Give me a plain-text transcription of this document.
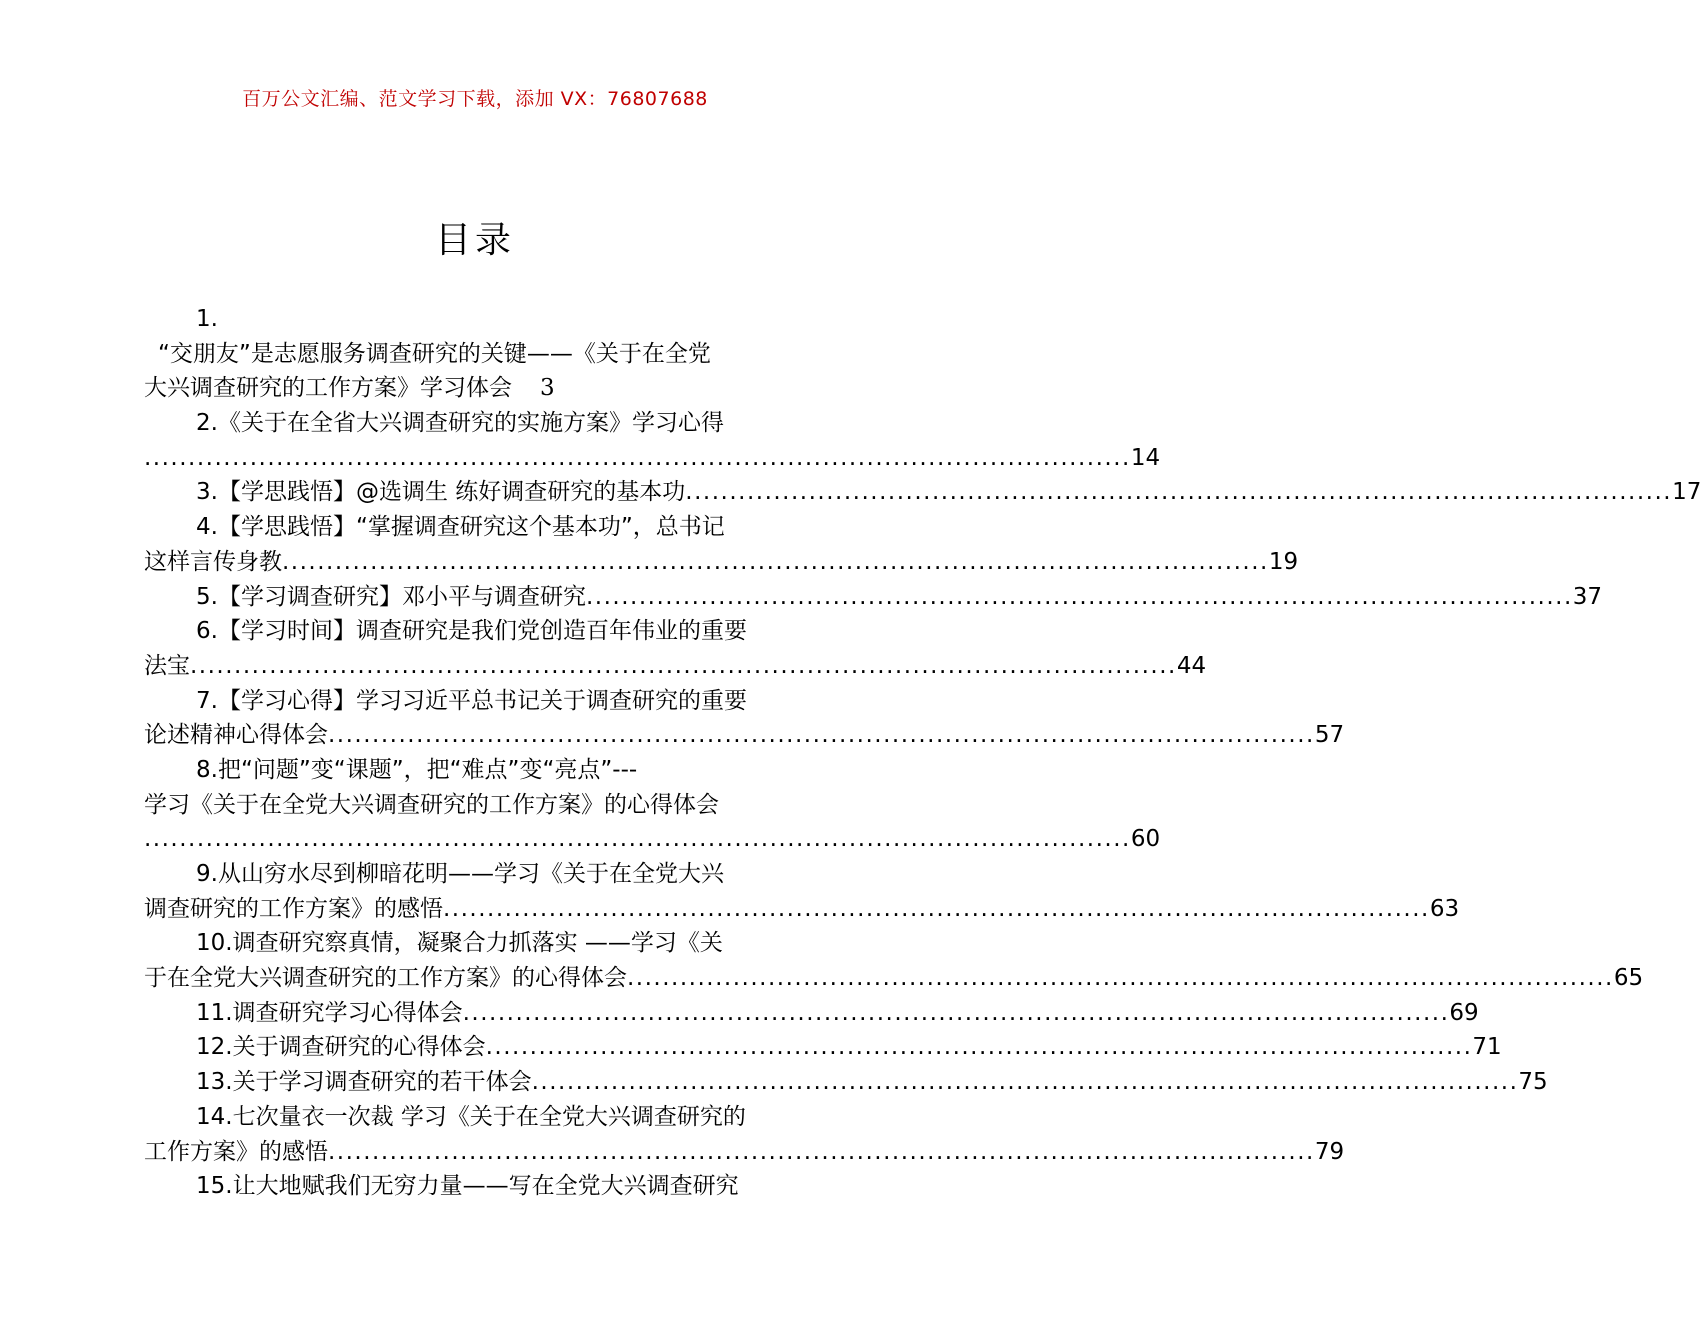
百万公文汇编、范文学习下载，添加 VX：76807688
目录
1.
“交朋友”是志愿服务调查研究的关键——《关于在全党
大兴调查研究的工作方案》学习体会 3
2.《关于在全省大兴调查研究的实施方案》学习心得
................................................................................................................ 14
3.【学思践悟】@选调生 练好调查研究的基本功 ................................................................................................................ 17
4.【学思践悟】“掌握调查研究这个基本功”，总书记
这样言传身教 ................................................................................................................ 19
5.【学习调查研究】邓小平与调查研究 ................................................................................................................ 37
6.【学习时间】调查研究是我们党创造百年伟业的重要
法宝 ................................................................................................................ 44
7.【学习心得】学习习近平总书记关于调查研究的重要
论述精神心得体会 ................................................................................................................ 57
8.把“问题”变“课题”，把“难点”变“亮点”---
学习《关于在全党大兴调查研究的工作方案》的心得体会
................................................................................................................ 60
9.从山穷水尽到柳暗花明——学习《关于在全党大兴
调查研究的工作方案》的感悟 ................................................................................................................ 63
10.调查研究察真情，凝聚合力抓落实 ——学习《关
于在全党大兴调查研究的工作方案》的心得体会 ................................................................................................................ 65
11.调查研究学习心得体会 ................................................................................................................ 69
12.关于调查研究的心得体会 ................................................................................................................ 71
13.关于学习调查研究的若干体会 ................................................................................................................ 75
14.七次量衣一次裁 学习《关于在全党大兴调查研究的
工作方案》的感悟 ................................................................................................................ 79
15.让大地赋我们无穷力量——写在全党大兴调查研究
